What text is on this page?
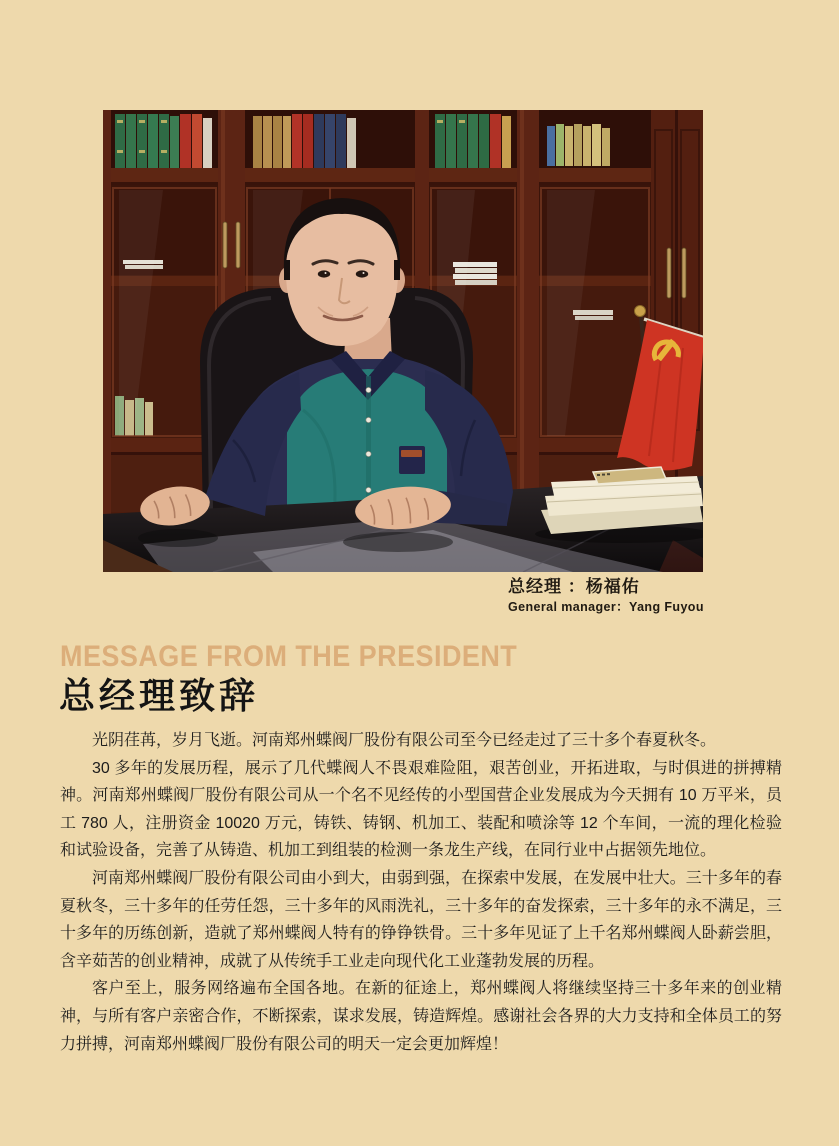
总经理 ：杨福佑
General manager：Yang Fuyou
MESSAGE FROM THE PRESIDENT
总经理致辞

光阴荏苒，岁月飞逝。河南郑州蝶阀厂股份有限公司至今已经走过了三十多个春夏秋冬。

30 多年的发展历程，展示了几代蝶阀人不畏艰难险阻，艰苦创业，开拓进取，与时俱进的拼搏精神。河南郑州蝶阀厂股份有限公司从一个名不见经传的小型国营企业发展成为今天拥有 10 万平米，员工 780 人，注册资金 10020 万元，铸铁、铸钢、机加工、装配和喷涂等 12 个车间，一流的理化检验和试验设备，完善了从铸造、机加工到组装的检测一条龙生产线，在同行业中占据领先地位。

河南郑州蝶阀厂股份有限公司由小到大，由弱到强，在探索中发展，在发展中壮大。三十多年的春夏秋冬，三十多年的任劳任怨，三十多年的风雨洗礼，三十多年的奋发探索，三十多年的永不满足，三十多年的历练创新，造就了郑州蝶阀人特有的铮铮铁骨。三十多年见证了上千名郑州蝶阀人卧薪尝胆，含辛茹苦的创业精神，成就了从传统手工业走向现代化工业蓬勃发展的历程。

客户至上，服务网络遍布全国各地。在新的征途上，郑州蝶阀人将继续坚持三十多年来的创业精神，与所有客户亲密合作，不断探索，谋求发展，铸造辉煌。感谢社会各界的大力支持和全体员工的努力拼搏，河南郑州蝶阀厂股份有限公司的明天一定会更加辉煌！
